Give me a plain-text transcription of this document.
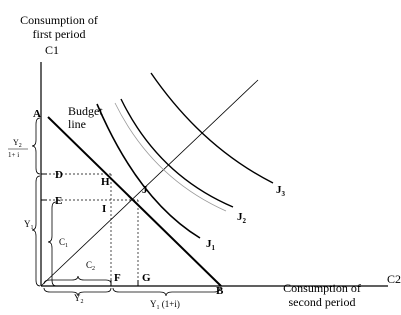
Consumption of
first period
C1
Consumption of
second period
C2
Budget
line
A
D
E
H
I
J
F G
B
$J_1$
$J_2$
$J_3$
$Y_2$
1+ i
$Y_1$
$C_1$
$C_2$
$Y_2$	$Y_1$ (1+i)
